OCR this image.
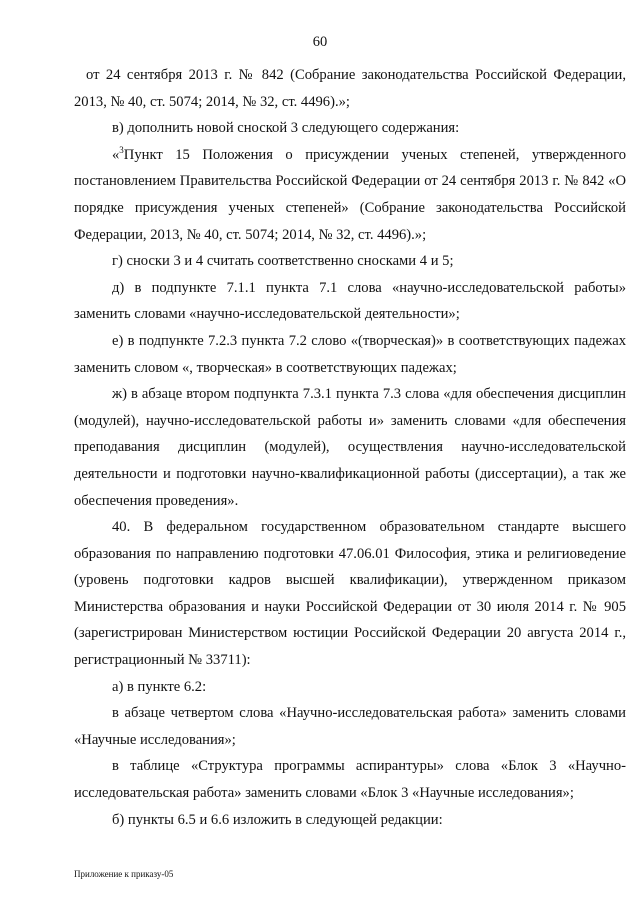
60

от 24 сентября 2013 г. № 842 (Собрание законодательства Российской Федерации, 2013, № 40, ст. 5074; 2014, № 32, ст. 4496).»;

в) дополнить новой сноской 3 следующего содержания:

«$^3$Пункт 15 Положения о присуждении ученых степеней, утвержденного постановлением Правительства Российской Федерации от 24 сентября 2013 г. № 842 «О порядке присуждения ученых степеней» (Собрание законодательства Российской Федерации, 2013, № 40, ст. 5074; 2014, № 32, ст. 4496).»;

г) сноски 3 и 4 считать соответственно сносками 4 и 5;

д) в подпункте 7.1.1 пункта 7.1 слова «научно-исследовательской работы» заменить словами «научно-исследовательской деятельности»;

е) в подпункте 7.2.3 пункта 7.2 слово «(творческая)» в соответствующих падежах заменить словом «, творческая» в соответствующих падежах;

ж) в абзаце втором подпункта 7.3.1 пункта 7.3 слова «для обеспечения дисциплин (модулей), научно-исследовательской работы и» заменить словами «для обеспечения преподавания дисциплин (модулей), осуществления научно-исследовательской деятельности и подготовки научно-квалификационной работы (диссертации), а так же обеспечения проведения».

40. В федеральном государственном образовательном стандарте высшего образования по направлению подготовки 47.06.01 Философия, этика и религиоведение (уровень подготовки кадров высшей квалификации), утвержденном приказом Министерства образования и науки Российской Федерации от 30 июля 2014 г. № 905 (зарегистрирован Министерством юстиции Российской Федерации 20 августа 2014 г., регистрационный № 33711):

а) в пункте 6.2:

в абзаце четвертом слова «Научно-исследовательская работа» заменить словами «Научные исследования»;

в таблице «Структура программы аспирантуры» слова «Блок 3 «Научно-исследовательская работа» заменить словами «Блок 3 «Научные исследования»;

б) пункты 6.5 и 6.6 изложить в следующей редакции:

Приложение к приказу-05
